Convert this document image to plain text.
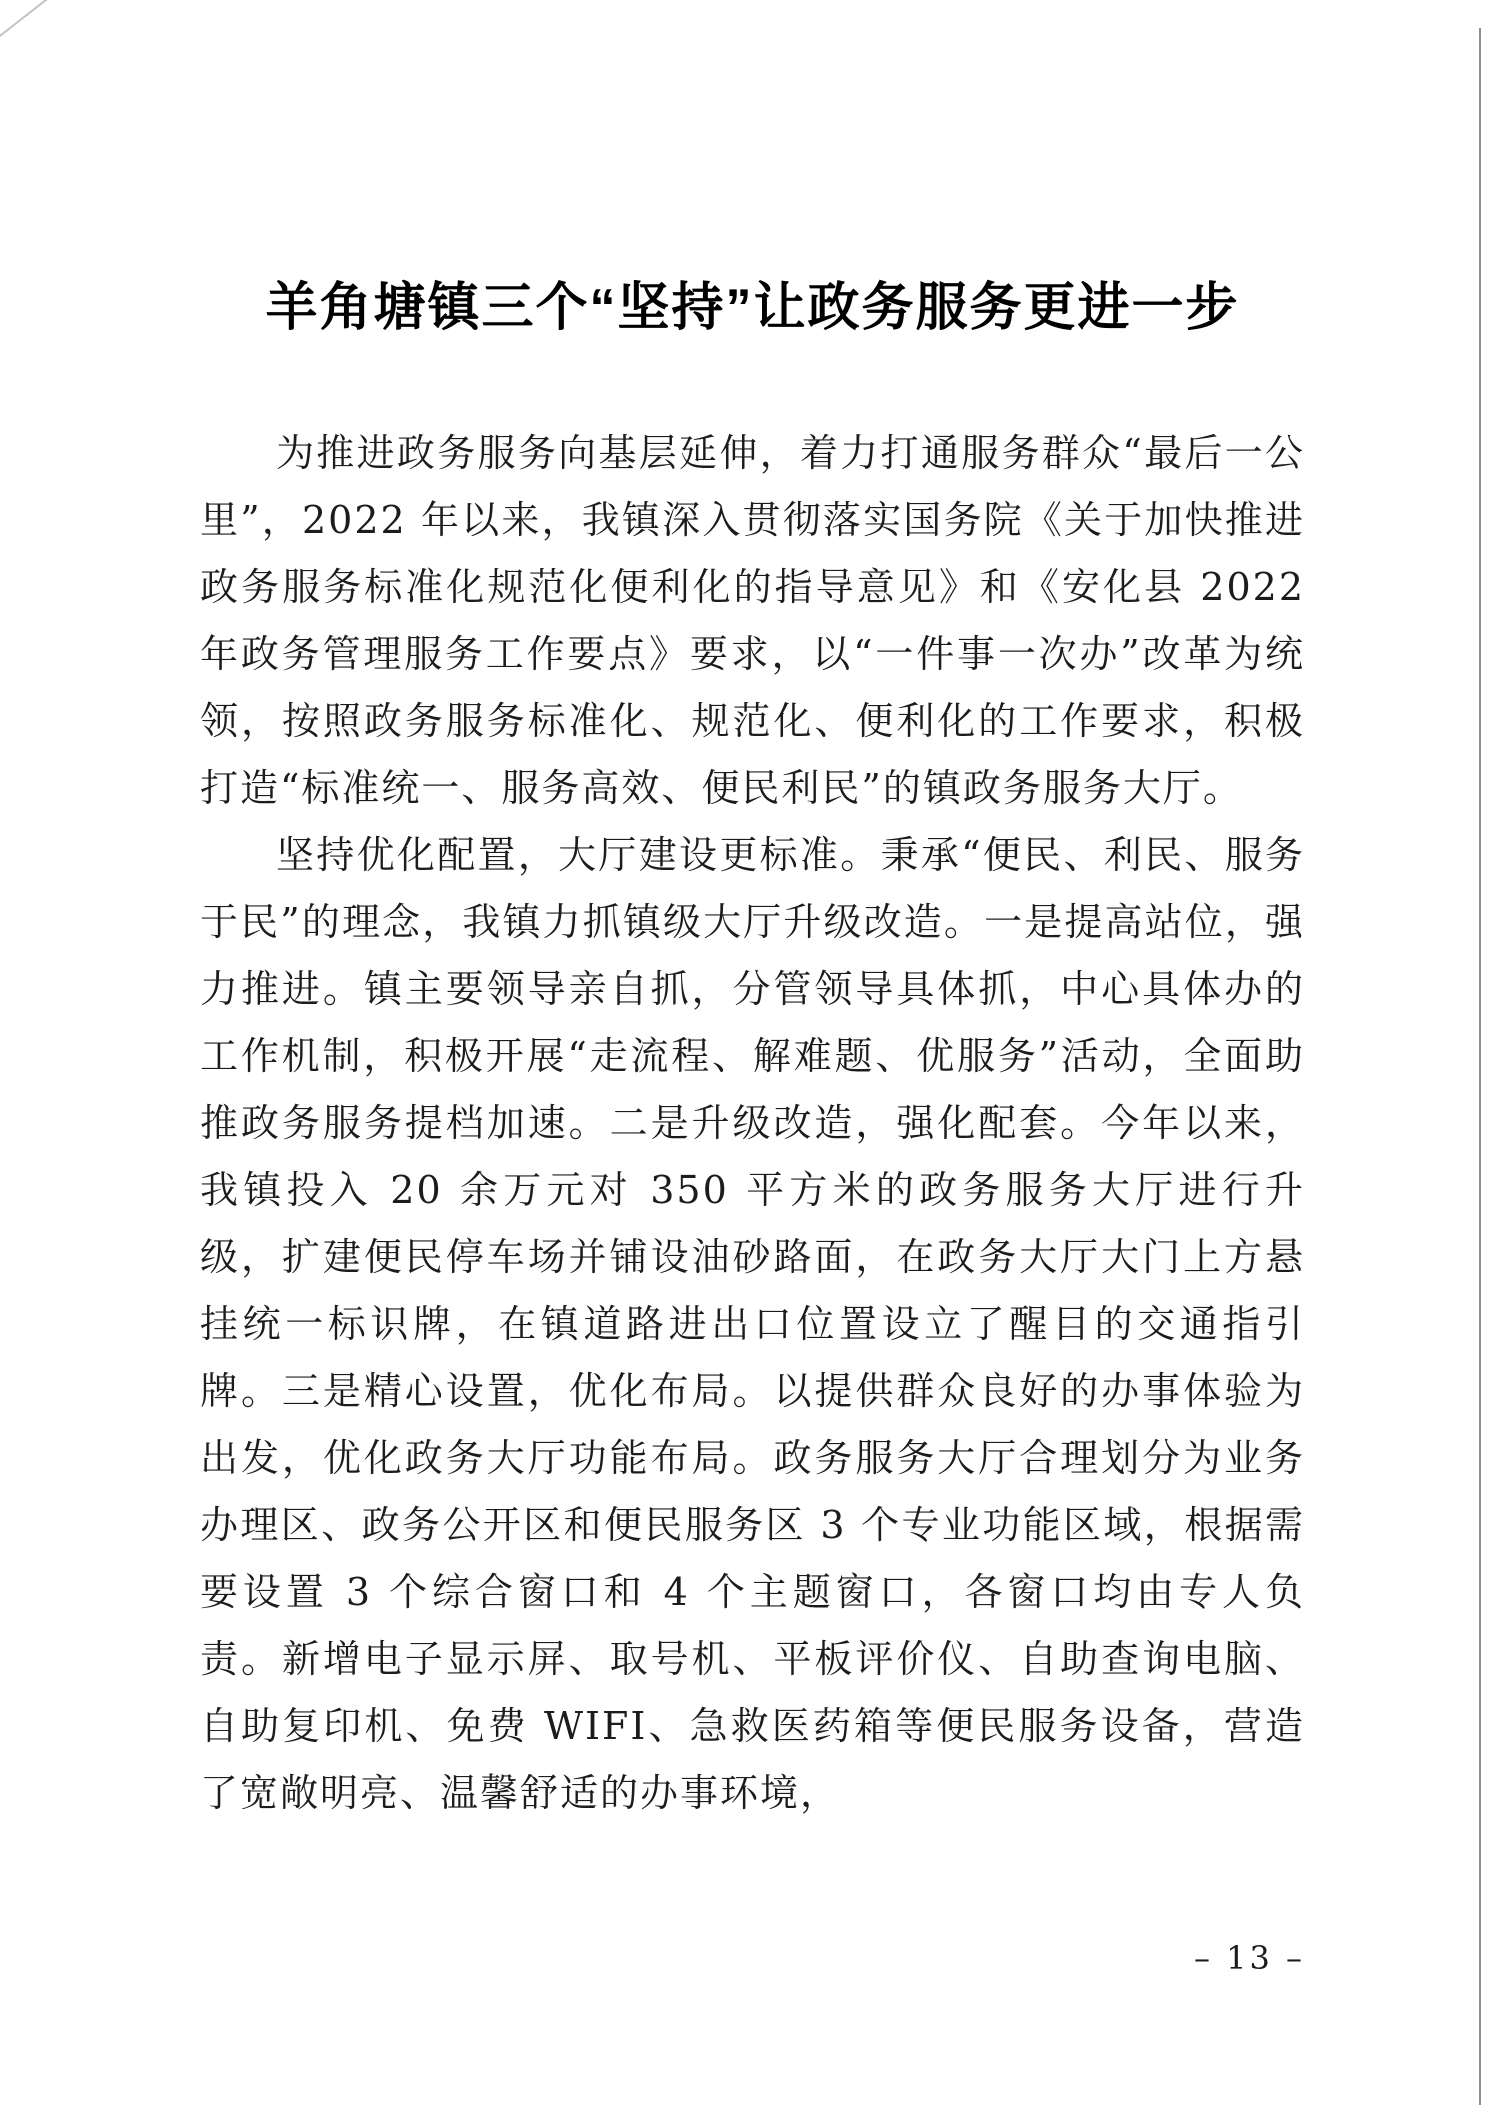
羊角塘镇三个“坚持”让政务服务更进一步

为推进政务服务向基层延伸，着力打通服务群众“最后一公里”，2022 年以来，我镇深入贯彻落实国务院《关于加快推进政务服务标准化规范化便利化的指导意见》和《安化县 2022 年政务管理服务工作要点》要求，以“一件事一次办”改革为统领，按照政务服务标准化、规范化、便利化的工作要求，积极打造“标准统一、服务高效、便民利民”的镇政务服务大厅。

坚持优化配置，大厅建设更标准。秉承“便民、利民、服务于民”的理念，我镇力抓镇级大厅升级改造。一是提高站位，强力推进。镇主要领导亲自抓，分管领导具体抓，中心具体办的工作机制，积极开展“走流程、解难题、优服务”活动，全面助推政务服务提档加速。二是升级改造，强化配套。今年以来，我镇投入 20 余万元对 350 平方米的政务服务大厅进行升级，扩建便民停车场并铺设油砂路面，在政务大厅大门上方悬挂统一标识牌，在镇道路进出口位置设立了醒目的交通指引牌。三是精心设置，优化布局。以提供群众良好的办事体验为出发，优化政务大厅功能布局。政务服务大厅合理划分为业务办理区、政务公开区和便民服务区 3 个专业功能区域，根据需要设置 3 个综合窗口和 4 个主题窗口，各窗口均由专人负责。新增电子显示屏、取号机、平板评价仪、自助查询电脑、自助复印机、免费 WIFI、急救医药箱等便民服务设备，营造了宽敞明亮、温馨舒适的办事环境，

– 13 –
